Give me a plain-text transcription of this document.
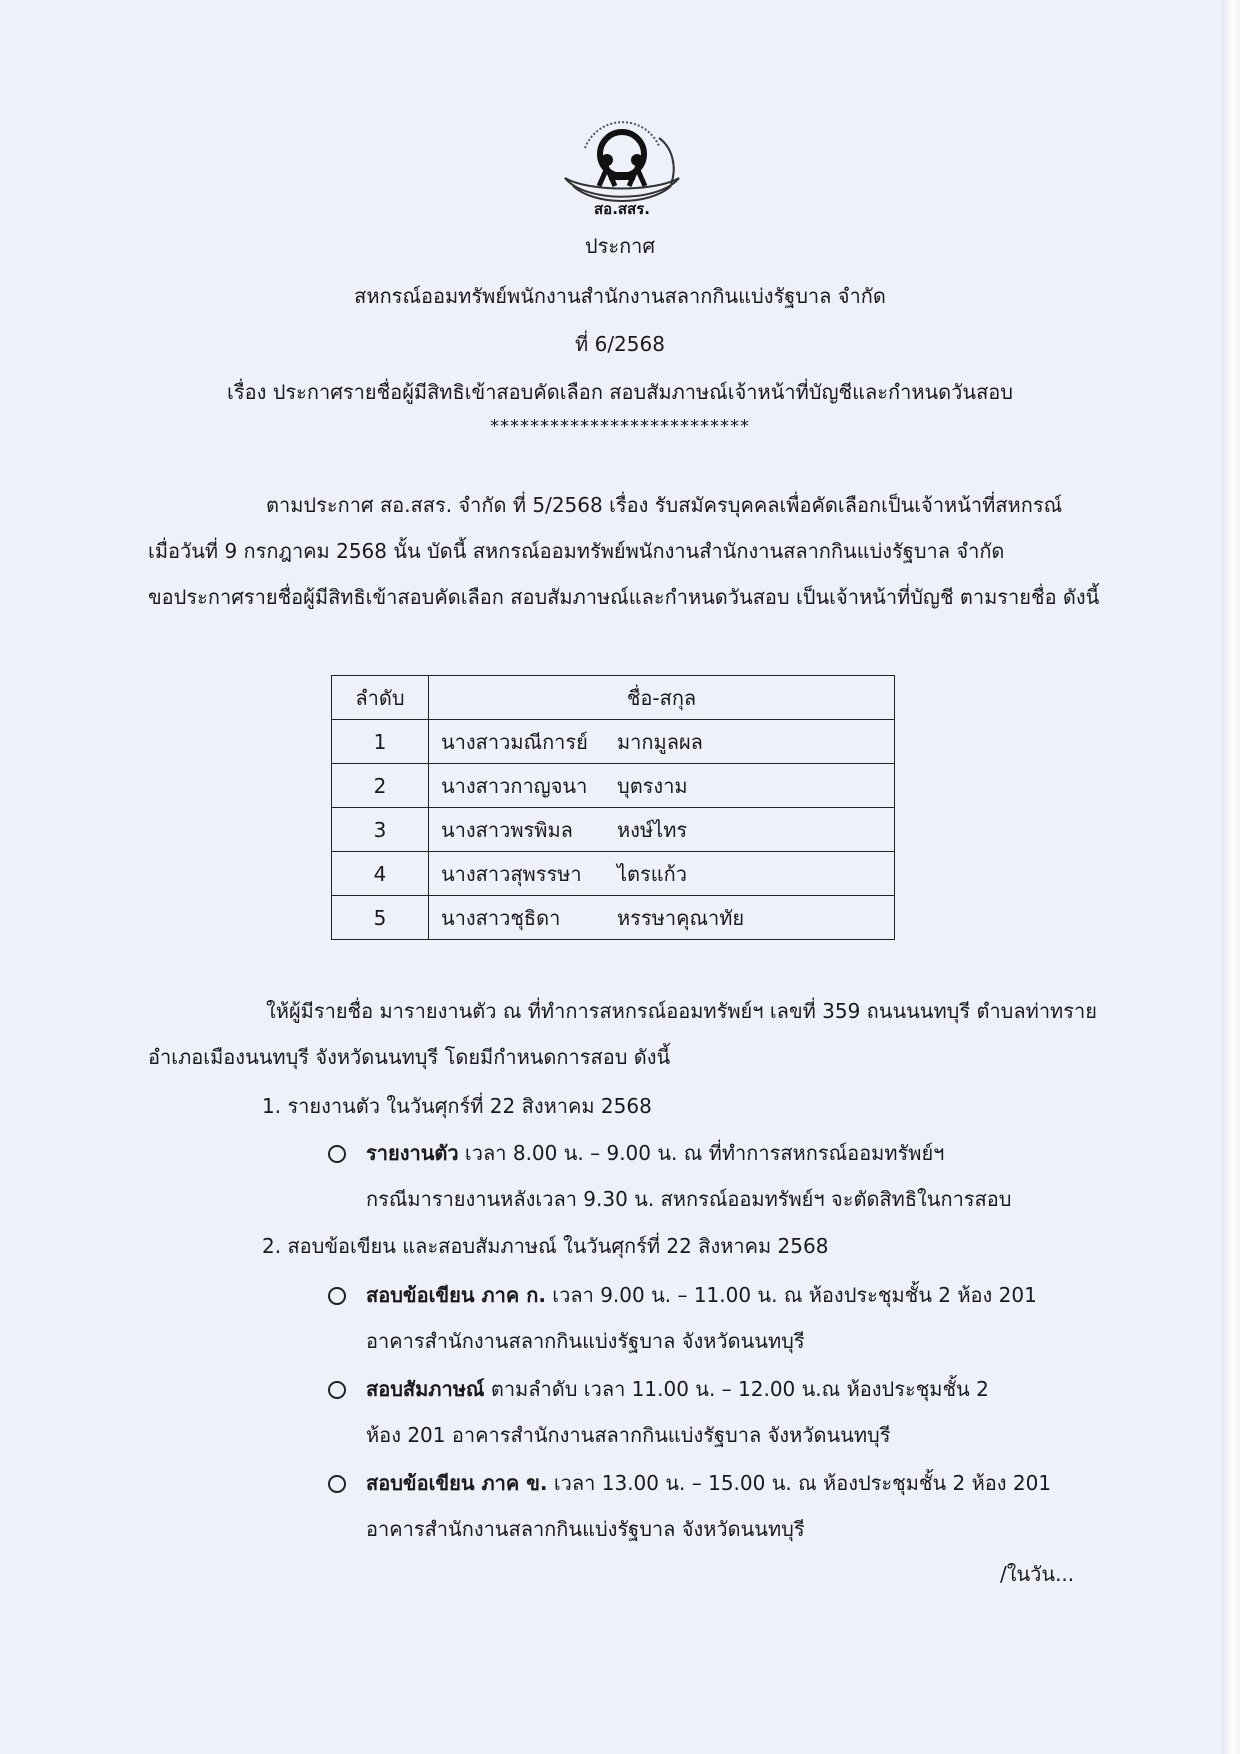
สอ.สสร.
ประกาศ
สหกรณ์ออมทรัพย์พนักงานสำนักงานสลากกินแบ่งรัฐบาล จำกัด
ที่ 6/2568
เรื่อง ประกาศรายชื่อผู้มีสิทธิเข้าสอบคัดเลือก สอบสัมภาษณ์เจ้าหน้าที่บัญชีและกำหนดวันสอบ
**************************
ตามประกาศ สอ.สสร. จำกัด ที่ 5/2568 เรื่อง รับสมัครบุคคลเพื่อคัดเลือกเป็นเจ้าหน้าที่สหกรณ์
เมื่อวันที่ 9 กรกฎาคม 2568 นั้น บัดนี้ สหกรณ์ออมทรัพย์พนักงานสำนักงานสลากกินแบ่งรัฐบาล จำกัด
ขอประกาศรายชื่อผู้มีสิทธิเข้าสอบคัดเลือก สอบสัมภาษณ์และกำหนดวันสอบ เป็นเจ้าหน้าที่บัญชี ตามรายชื่อ ดังนี้
ลำดับ	ชื่อ-สกุล
1	นางสาวมณีการย์ มากมูลผล
2	นางสาวกาญจนา บุตรงาม
3	นางสาวพรพิมล หงษ์ไทร
4	นางสาวสุพรรษา ไตรแก้ว
5	นางสาวชุธิดา หรรษาคุณาทัย
ให้ผู้มีรายชื่อ มารายงานตัว ณ ที่ทำการสหกรณ์ออมทรัพย์ฯ เลขที่ 359 ถนนนนทบุรี ตำบลท่าทราย
อำเภอเมืองนนทบุรี จังหวัดนนทบุรี โดยมีกำหนดการสอบ ดังนี้
1. รายงานตัว ในวันศุกร์ที่ 22 สิงหาคม 2568
รายงานตัว เวลา 8.00 น. – 9.00 น. ณ ที่ทำการสหกรณ์ออมทรัพย์ฯ
กรณีมารายงานหลังเวลา 9.30 น. สหกรณ์ออมทรัพย์ฯ จะตัดสิทธิในการสอบ
2. สอบข้อเขียน และสอบสัมภาษณ์ ในวันศุกร์ที่ 22 สิงหาคม 2568
สอบข้อเขียน ภาค ก. เวลา 9.00 น. – 11.00 น. ณ ห้องประชุมชั้น 2 ห้อง 201
อาคารสำนักงานสลากกินแบ่งรัฐบาล จังหวัดนนทบุรี
สอบสัมภาษณ์ ตามลำดับ เวลา 11.00 น. – 12.00 น.ณ ห้องประชุมชั้น 2
ห้อง 201 อาคารสำนักงานสลากกินแบ่งรัฐบาล จังหวัดนนทบุรี
สอบข้อเขียน ภาค ข. เวลา 13.00 น. – 15.00 น. ณ ห้องประชุมชั้น 2 ห้อง 201
อาคารสำนักงานสลากกินแบ่งรัฐบาล จังหวัดนนทบุรี
/ในวัน...
